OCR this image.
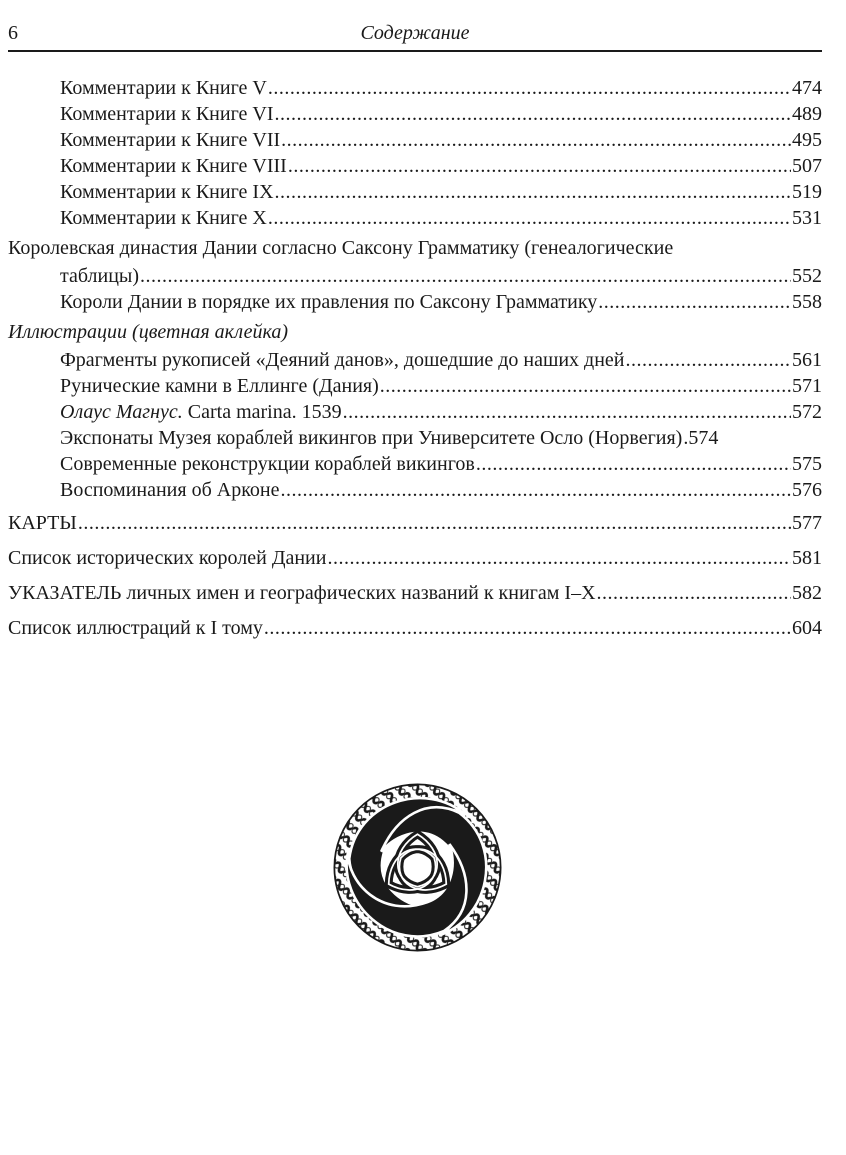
6	Содержание
Комментарии к Книге V .....	474
Комментарии к Книге VI .....	489
Комментарии к Книге VII .....	495
Комментарии к Книге VIII .....	507
Комментарии к Книге IX .....	519
Комментарии к Книге X .....	531
Королевская династия Дании согласно Саксону Грамматику (генеалогические
таблицы) .....	552
Короли Дании в порядке их правления по Саксону Грамматику .....	558
Иллюстрации (цветная аклейка)
Фрагменты рукописей «Деяний данов», дошедшие до наших дней .....	561
Рунические камни в Еллинге (Дания) .....	571
Олаус Магнус. Carta marina. 1539 .....	572
Экспонаты Музея кораблей викингов при Университете Осло (Норвегия) ..... 574
Современные реконструкции кораблей викингов .....	575
Воспоминания об Арконе .....	576
КАРТЫ .....	577
Список исторических королей Дании .....	581
УКАЗАТЕЛЬ личных имен и географических названий к книгам I–X .....	582
Список иллюстраций к I тому .....	604
